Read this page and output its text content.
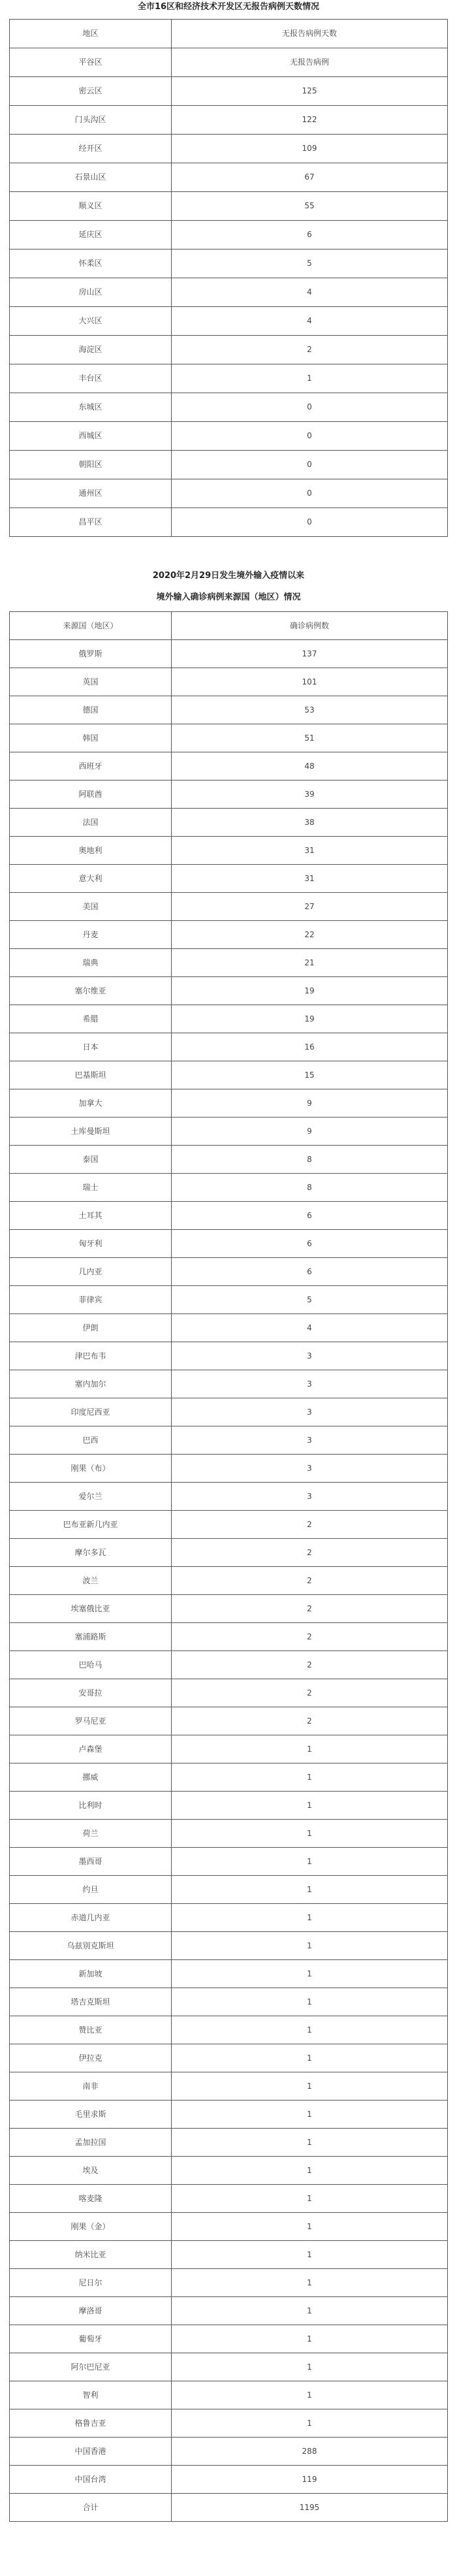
全市16区和经济技术开发区无报告病例天数情况
地区	无报告病例天数
平谷区	无报告病例
密云区	125
门头沟区	122
经开区	109
石景山区	67
顺义区	55
延庆区	6
怀柔区	5
房山区	4
大兴区	4
海淀区	2
丰台区	1
东城区	0
西城区	0
朝阳区	0
通州区	0
昌平区	0
2020年2月29日发生境外输入疫情以来
境外输入确诊病例来源国（地区）情况
来源国（地区）	确诊病例数
俄罗斯	137
英国	101
德国	53
韩国	51
西班牙	48
阿联酋	39
法国	38
奥地利	31
意大利	31
美国	27
丹麦	22
瑞典	21
塞尔维亚	19
希腊	19
日本	16
巴基斯坦	15
加拿大	9
土库曼斯坦	9
泰国	8
瑞士	8
土耳其	6
匈牙利	6
几内亚	6
菲律宾	5
伊朗	4
津巴布韦	3
塞内加尔	3
印度尼西亚	3
巴西	3
刚果（布）	3
爱尔兰	3
巴布亚新几内亚	2
摩尔多瓦	2
波兰	2
埃塞俄比亚	2
塞浦路斯	2
巴哈马	2
安哥拉	2
罗马尼亚	2
卢森堡	1
挪威	1
比利时	1
荷兰	1
墨西哥	1
约旦	1
赤道几内亚	1
乌兹别克斯坦	1
新加坡	1
塔吉克斯坦	1
赞比亚	1
伊拉克	1
南非	1
毛里求斯	1
孟加拉国	1
埃及	1
喀麦隆	1
刚果（金）	1
纳米比亚	1
尼日尔	1
摩洛哥	1
葡萄牙	1
阿尔巴尼亚	1
智利	1
格鲁吉亚	1
中国香港	288
中国台湾	119
合计	1195
